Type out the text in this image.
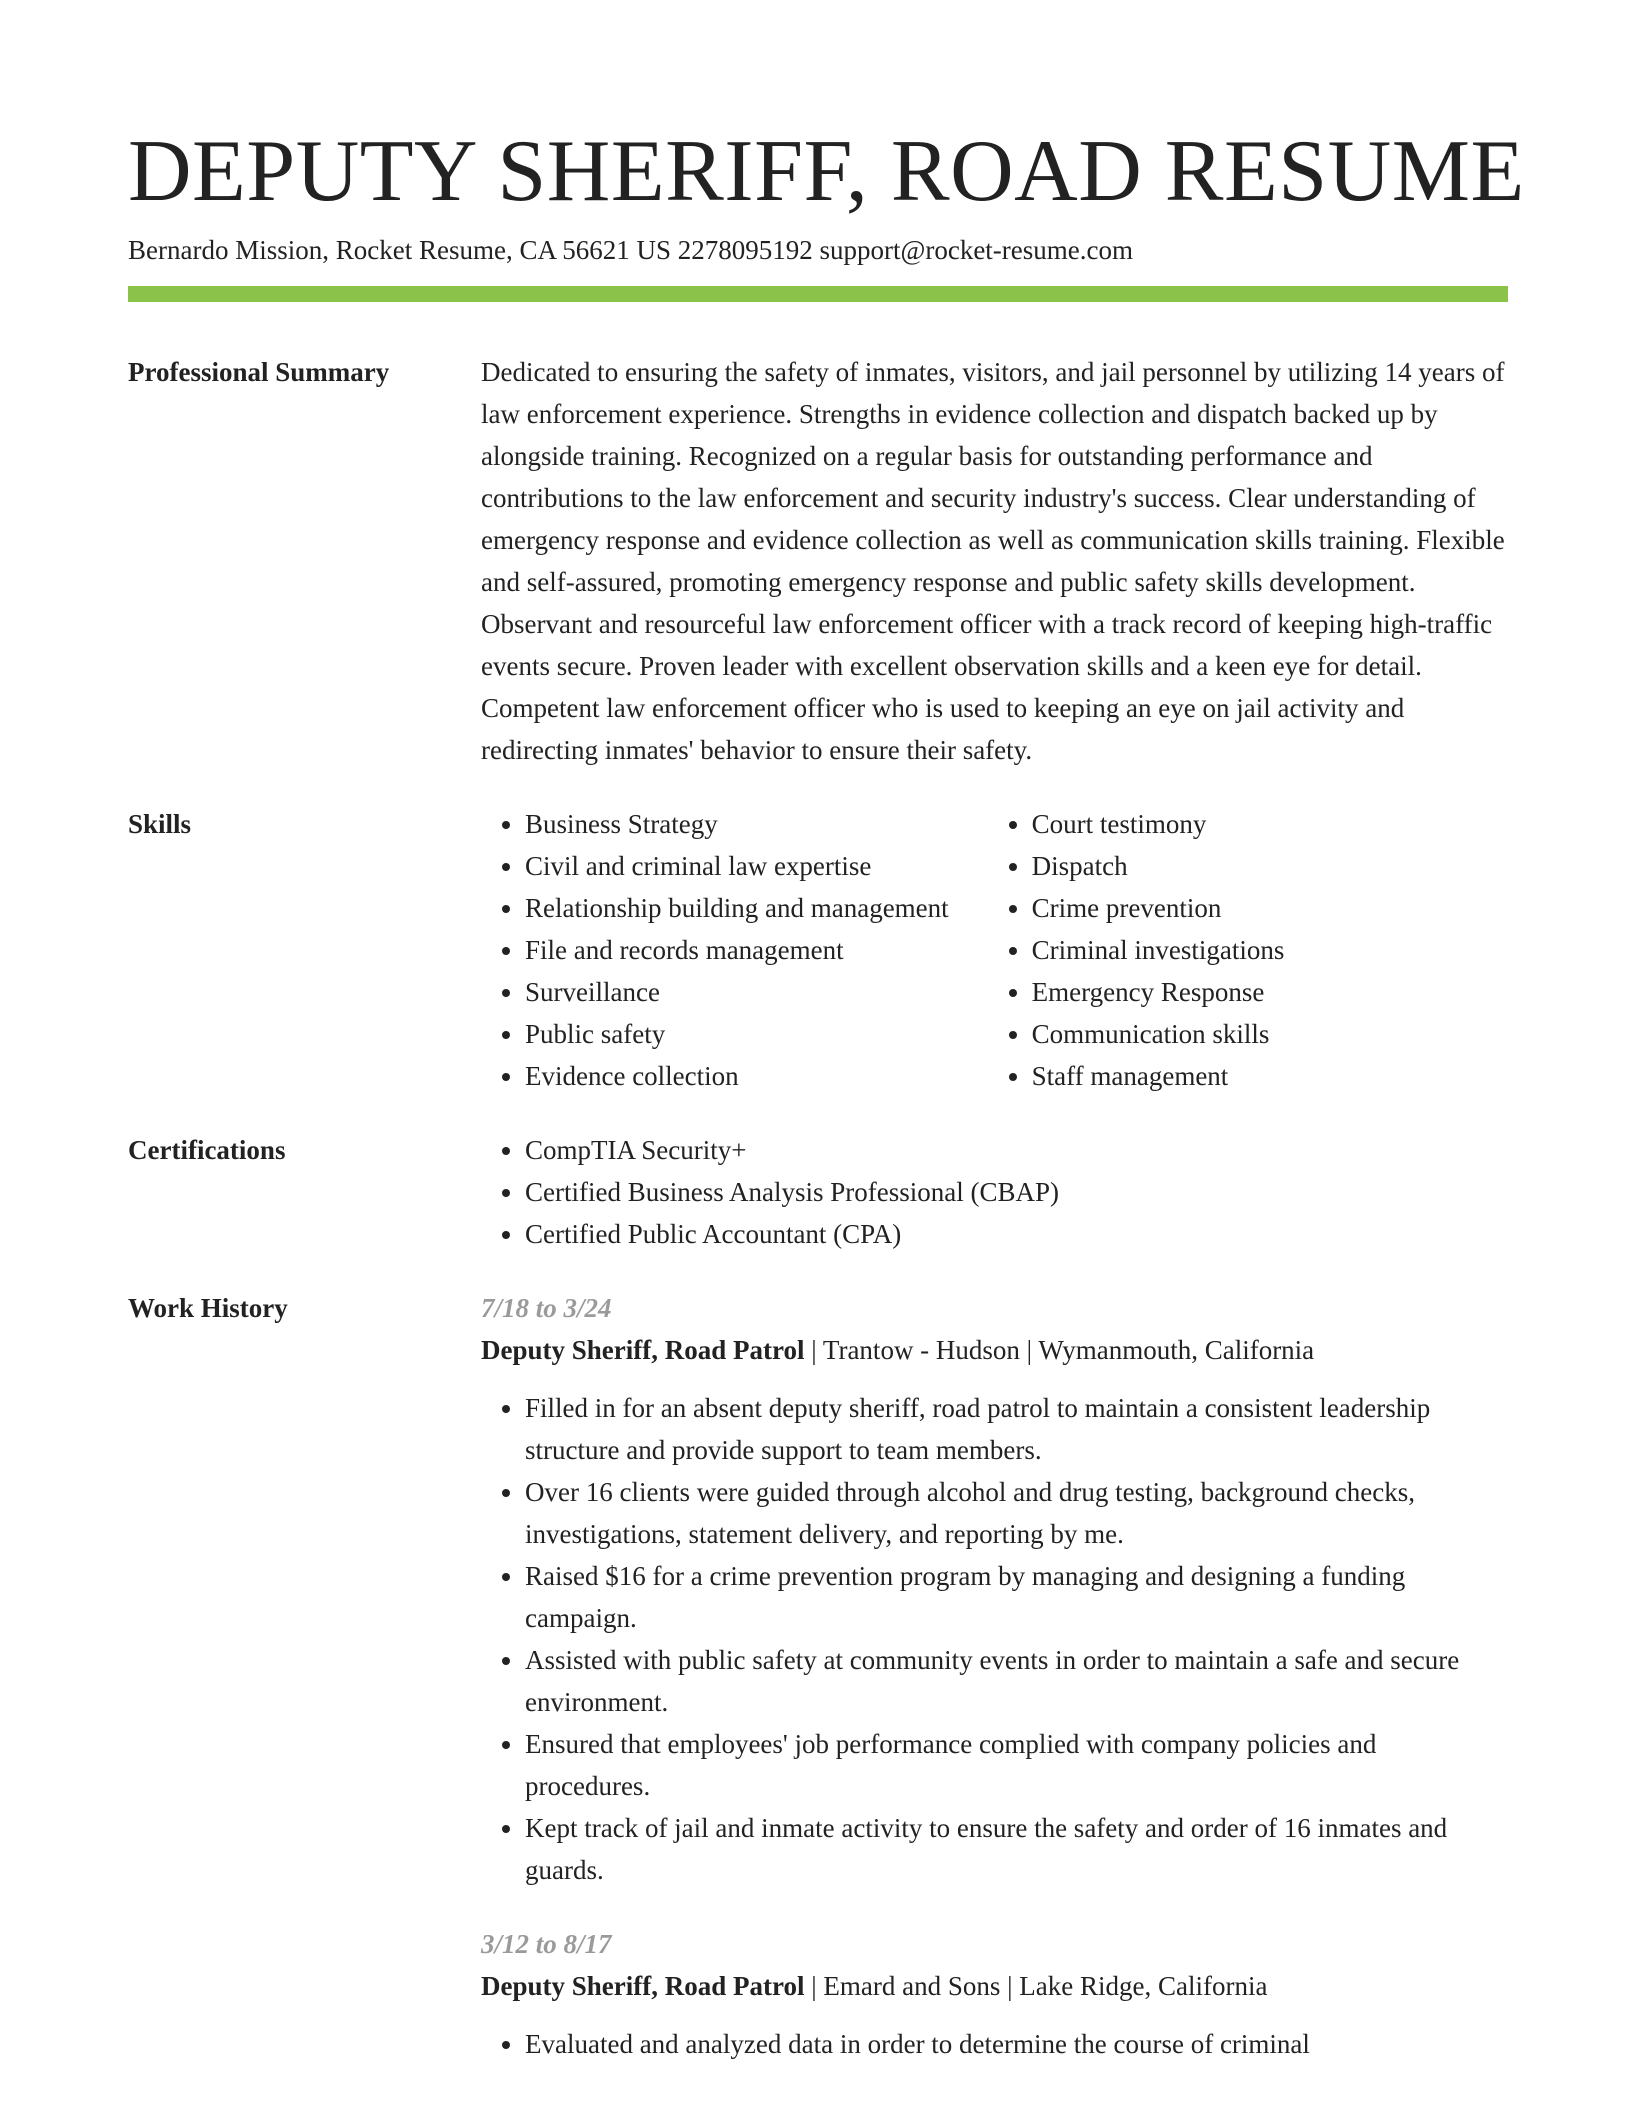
DEPUTY SHERIFF, ROAD RESUME
Bernardo Mission, Rocket Resume, CA 56621 US 2278095192 support@rocket-resume.com
Professional Summary	Dedicated to ensuring the safety of inmates, visitors, and jail personnel by utilizing 14 years of law enforcement experience. Strengths in evidence collection and dispatch backed up by alongside training. Recognized on a regular basis for outstanding performance and contributions to the law enforcement and security industry's success. Clear understanding of emergency response and evidence collection as well as communication skills training. Flexible and self-assured, promoting emergency response and public safety skills development. Observant and resourceful law enforcement officer with a track record of keeping high-traffic events secure. Proven leader with excellent observation skills and a keen eye for detail. Competent law enforcement officer who is used to keeping an eye on jail activity and redirecting inmates' behavior to ensure their safety.

Skills	• Business Strategy
• Civil and criminal law expertise
• Relationship building and management
• File and records management
• Surveillance
• Public safety
• Evidence collection
• Court testimony
• Dispatch
• Crime prevention
• Criminal investigations
• Emergency Response
• Communication skills
• Staff management
Certifications	• CompTIA Security+
• Certified Business Analysis Professional (CBAP)
• Certified Public Accountant (CPA)
Work History	7/18 to 3/24
Deputy Sheriff, Road Patrol | Trantow - Hudson | Wymanmouth, California
• Filled in for an absent deputy sheriff, road patrol to maintain a consistent leadership structure and provide support to team members.
• Over 16 clients were guided through alcohol and drug testing, background checks, investigations, statement delivery, and reporting by me.
• Raised $16 for a crime prevention program by managing and designing a funding campaign.
• Assisted with public safety at community events in order to maintain a safe and secure environment.
• Ensured that employees' job performance complied with company policies and procedures.
• Kept track of jail and inmate activity to ensure the safety and order of 16 inmates and guards.
3/12 to 8/17
Deputy Sheriff, Road Patrol | Emard and Sons | Lake Ridge, California
• Evaluated and analyzed data in order to determine the course of criminal
